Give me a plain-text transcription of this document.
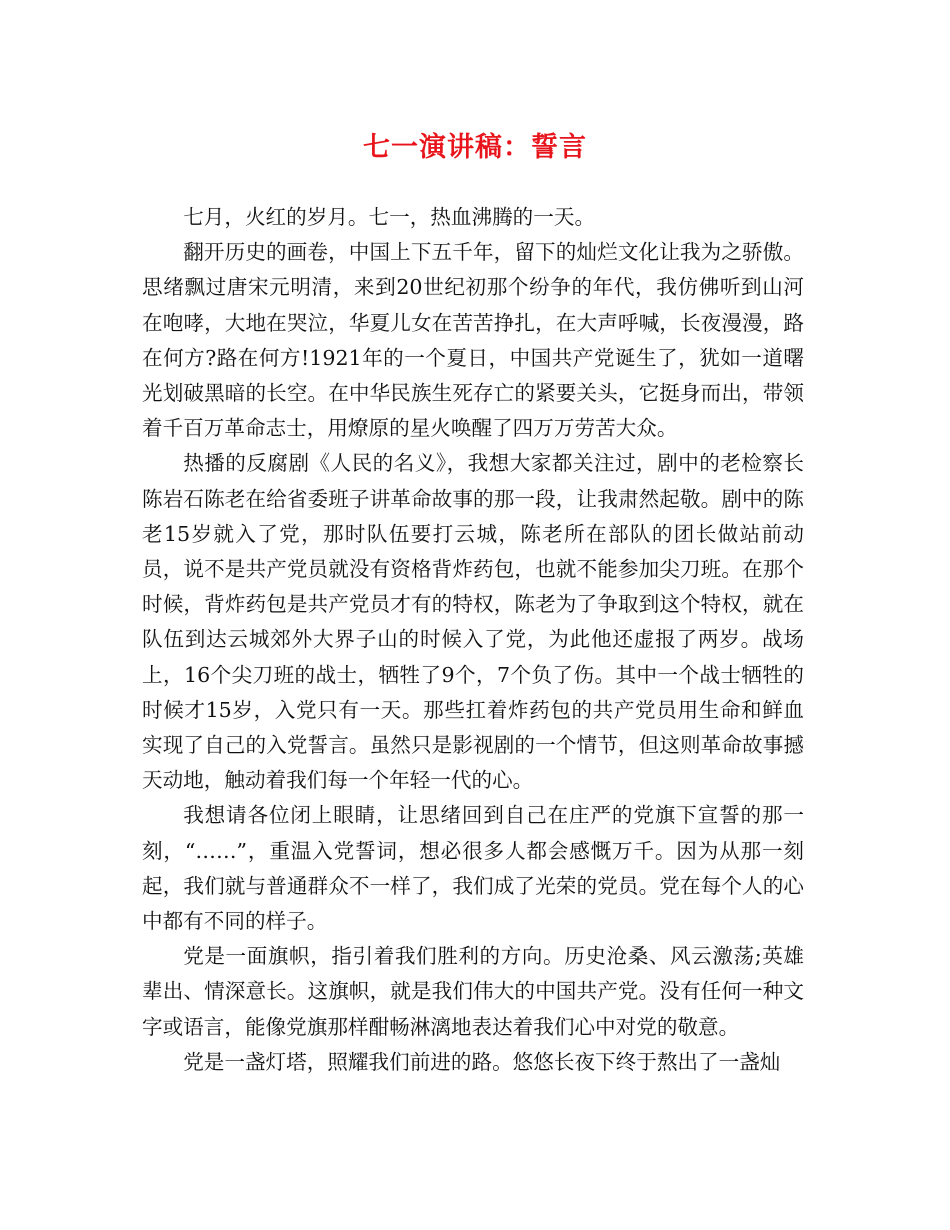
七一演讲稿：誓言

七月，火红的岁月。七一，热血沸腾的一天。

翻开历史的画卷，中国上下五千年，留下的灿烂文化让我为之骄傲。思绪飘过唐宋元明清，来到20世纪初那个纷争的年代，我仿佛听到山河在咆哮，大地在哭泣，华夏儿女在苦苦挣扎，在大声呼喊，长夜漫漫，路在何方?路在何方!1921年的一个夏日，中国共产党诞生了，犹如一道曙光划破黑暗的长空。在中华民族生死存亡的紧要关头，它挺身而出，带领着千百万革命志士，用燎原的星火唤醒了四万万劳苦大众。

热播的反腐剧《人民的名义》，我想大家都关注过，剧中的老检察长陈岩石陈老在给省委班子讲革命故事的那一段，让我肃然起敬。剧中的陈老15岁就入了党，那时队伍要打云城，陈老所在部队的团长做站前动员，说不是共产党员就没有资格背炸药包，也就不能参加尖刀班。在那个时候，背炸药包是共产党员才有的特权，陈老为了争取到这个特权，就在队伍到达云城郊外大界子山的时候入了党，为此他还虚报了两岁。战场上，16个尖刀班的战士，牺牲了9个，7个负了伤。其中一个战士牺牲的时候才15岁，入党只有一天。那些扛着炸药包的共产党员用生命和鲜血实现了自己的入党誓言。虽然只是影视剧的一个情节，但这则革命故事撼天动地，触动着我们每一个年轻一代的心。

我想请各位闭上眼睛，让思绪回到自己在庄严的党旗下宣誓的那一刻，“……”，重温入党誓词，想必很多人都会感慨万千。因为从那一刻起，我们就与普通群众不一样了，我们成了光荣的党员。党在每个人的心中都有不同的样子。

党是一面旗帜，指引着我们胜利的方向。历史沧桑、风云激荡;英雄辈出、情深意长。这旗帜，就是我们伟大的中国共产党。没有任何一种文字或语言，能像党旗那样酣畅淋漓地表达着我们心中对党的敬意。

党是一盏灯塔，照耀我们前进的路。悠悠长夜下终于熬出了一盏灿
